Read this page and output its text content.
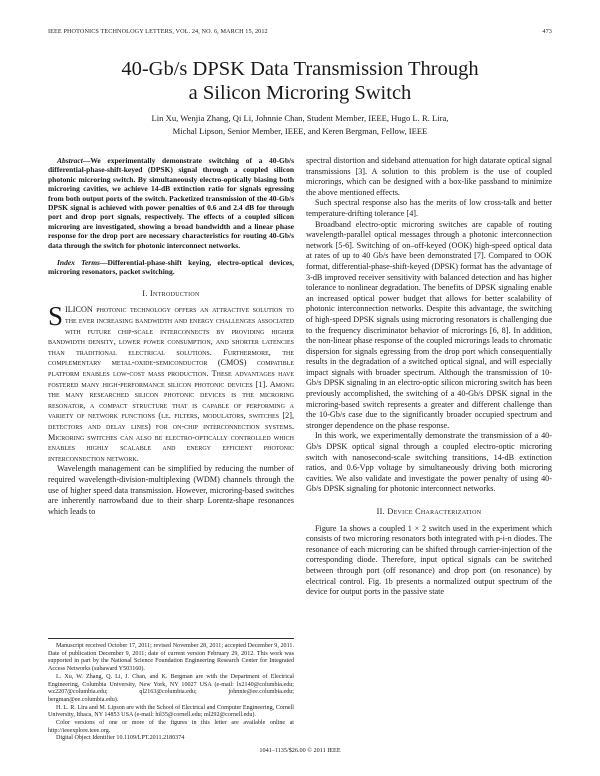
IEEE PHOTONICS TECHNOLOGY LETTERS, VOL. 24, NO. 6, MARCH 15, 2012	473
40-Gb/s DPSK Data Transmission Through
a Silicon Microring Switch
Lin Xu, Wenjia Zhang, Qi Li, Johnnie Chan, Student Member, IEEE, Hugo L. R. Lira,
Michal Lipson, Senior Member, IEEE, and Keren Bergman, Fellow, IEEE

Abstract—We experimentally demonstrate switching of a 40-Gb/s differential-phase-shift-keyed (DPSK) signal through a coupled silicon photonic microring switch. By simultaneously electro-optically biasing both microring cavities, we achieve 14-dB extinction ratio for signals egressing from both output ports of the switch. Packetized transmission of the 40-Gb/s DPSK signal is achieved with power penalties of 0.6 and 2.4 dB for through port and drop port signals, respectively. The effects of a coupled silicon microring are investigated, showing a broad bandwidth and a linear phase response for the drop port are necessary characteristics for routing 40-Gb/s data through the switch for photonic interconnect networks.

Index Terms—Differential-phase-shift keying, electro-optical devices, microring resonators, packet switching.

I. Introduction

SILICON photonic technology offers an attractive solution to the ever increasing bandwidth and energy challenges associated with future chip-scale interconnects by providing higher bandwidth density, lower power consumption, and shorter latencies than traditional electrical solutions. Furthermore, the complementary metal-oxide-semiconductor (CMOS) compatible platform enables low-cost mass production. These advantages have fostered many high-performance silicon photonic devices [1]. Among the many researched silicon photonic devices is the microring resonator, a compact structure that is capable of performing a variety of network functions (i.e. filters, modulators, switches [2], detectors and delay lines) for on-chip interconnection systems. Microring switches can also be electro-optically controlled which enables highly scalable and energy efficient photonic interconnection network.

Wavelength management can be simplified by reducing the number of required wavelength-division-multiplexing (WDM) channels through the use of higher speed data transmission. However, microring-based switches are inherently narrowband due to their sharp Lorentz-shape resonances which leads to

Manuscript received October 17, 2011; revised November 28, 2011; accepted December 9, 2011. Date of publication December 9, 2011; date of current version February 29, 2012. This work was supported in part by the National Science Foundation Engineering Research Center for Integrated Access Networks (subaward Y503160).

L. Xu, W. Zhang, Q. Li, J. Chan, and K. Bergman are with the Department of Electrical Engineering, Columbia University, New York, NY 10027 USA (e-mail: lx2140@columbia.edu; wz2207@columbia.edu; ql2163@columbia.edu; johnnie@ee.columbia.edu; bergman@ee.columbia.edu).

H. L. R. Lira and M. Lipson are with the School of Electrical and Computer Engineering, Cornell University, Ithaca, NY 14853 USA (e-mail: hil35@cornell.edu; ml292@cornell.edu).

Color versions of one or more of the figures in this letter are available online at http://ieeexplore.ieee.org.

Digital Object Identifier 10.1109/LPT.2011.2180374

spectral distortion and sideband attenuation for high datarate optical signal transmissions [3]. A solution to this problem is the use of coupled microrings, which can be designed with a box-like passband to minimize the above mentioned effects.

Such spectral response also has the merits of low cross-talk and better temperature-drifting tolerance [4].

Broadband electro-optic microring switches are capable of routing wavelength-parallel optical messages through a photonic interconnection network [5-6]. Switching of on–off-keyed (OOK) high-speed optical data at rates of up to 40 Gb/s have been demonstrated [7]. Compared to OOK format, differential-phase-shift-keyed (DPSK) format has the advantage of 3-dB improved receiver sensitivity with balanced detection and has higher tolerance to nonlinear degradation. The benefits of DPSK signaling enable an increased optical power budget that allows for better scalability of photonic interconnection networks. Despite this advantage, the switching of high-speed DPSK signals using microring resonators is challenging due to the frequency discriminator behavior of microrings [6, 8]. In addition, the non-linear phase response of the coupled microrings leads to chromatic dispersion for signals egressing from the drop port which consequentially results in the degradation of a switched optical signal, and will especially impact signals with broader spectrum. Although the transmission of 10-Gb/s DPSK signaling in an electro-optic silicon microring switch has been previously accomplished, the switching of a 40-Gb/s DPSK signal in the microring-based switch represents a greater and different challenge than the 10-Gb/s case due to the significantly broader occupied spectrum and stronger dependence on the phase response.

In this work, we experimentally demonstrate the transmission of a 40-Gb/s DPSK optical signal through a coupled electro-optic microring switch with nanosecond-scale switching transitions, 14-dB extinction ratios, and 0.6-Vpp voltage by simultaneously driving both microring cavities. We also validate and investigate the power penalty of using 40-Gb/s DPSK signaling for photonic interconnect networks.

II. Device Characterization

Figure 1a shows a coupled 1 × 2 switch used in the experiment which consists of two microring resonators both integrated with p-i-n diodes. The resonance of each microring can be shifted through carrier-injection of the corresponding diode. Therefore, input optical signals can be switched between through port (off resonance) and drop port (on resonance) by electrical control. Fig. 1b presents a normalized output spectrum of the device for output ports in the passive state

1041–1135/$26.00 © 2011 IEEE
